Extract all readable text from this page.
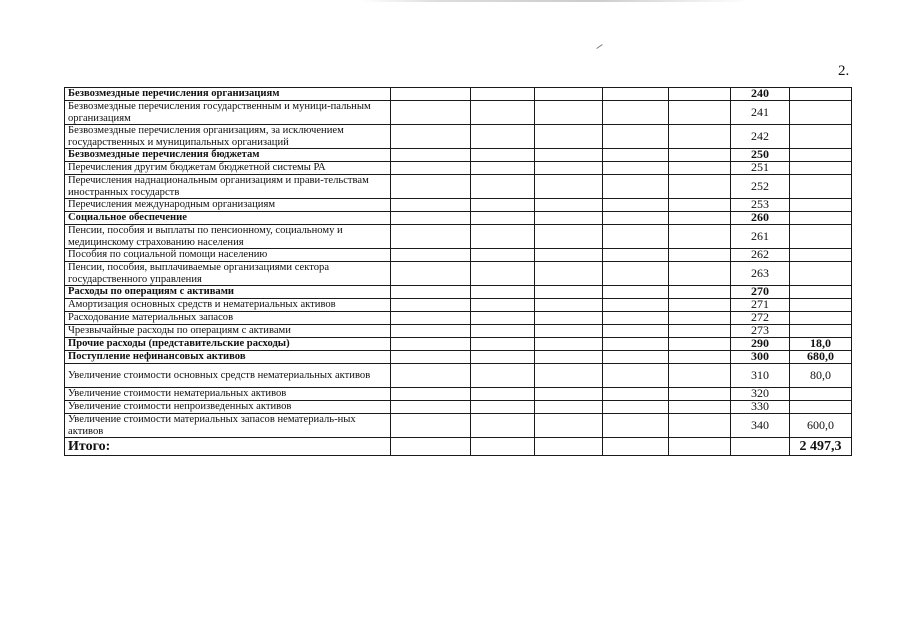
2.
Безвозмездные перечисления организациям						240	
Безвозмездные перечисления государственным и муници-пальным организациям						241	
Безвозмездные перечисления организациям, за исключением государственных и муниципальных организаций						242	
Безвозмездные перечисления бюджетам						250	
Перечисления другим бюджетам бюджетной системы РА						251	
Перечисления наднациональным организациям и прави-тельствам иностранных государств						252	
Перечисления международным организациям						253	
Социальное обеспечение						260	
Пенсии, пособия и выплаты по пенсионному, социальному и медицинскому страхованию населения						261	
Пособия по социальной помощи населению						262	
Пенсии, пособия, выплачиваемые организациями сектора государственного управления						263	
Расходы по операциям с активами						270	
Амортизация основных средств и нематериальных активов						271	
Расходование материальных запасов						272	
Чрезвычайные расходы по операциям с активами						273	
Прочие расходы (представительские расходы)						290	18,0
Поступление нефинансовых активов						300	680,0
Увеличение стоимости основных средств нематериальных активов						310	80,0
Увеличение стоимости нематериальных активов						320	
Увеличение стоимости непроизведенных активов						330	
Увеличение стоимости материальных запасов нематериаль-ных активов						340	600,0
Итого:							2 497,3
